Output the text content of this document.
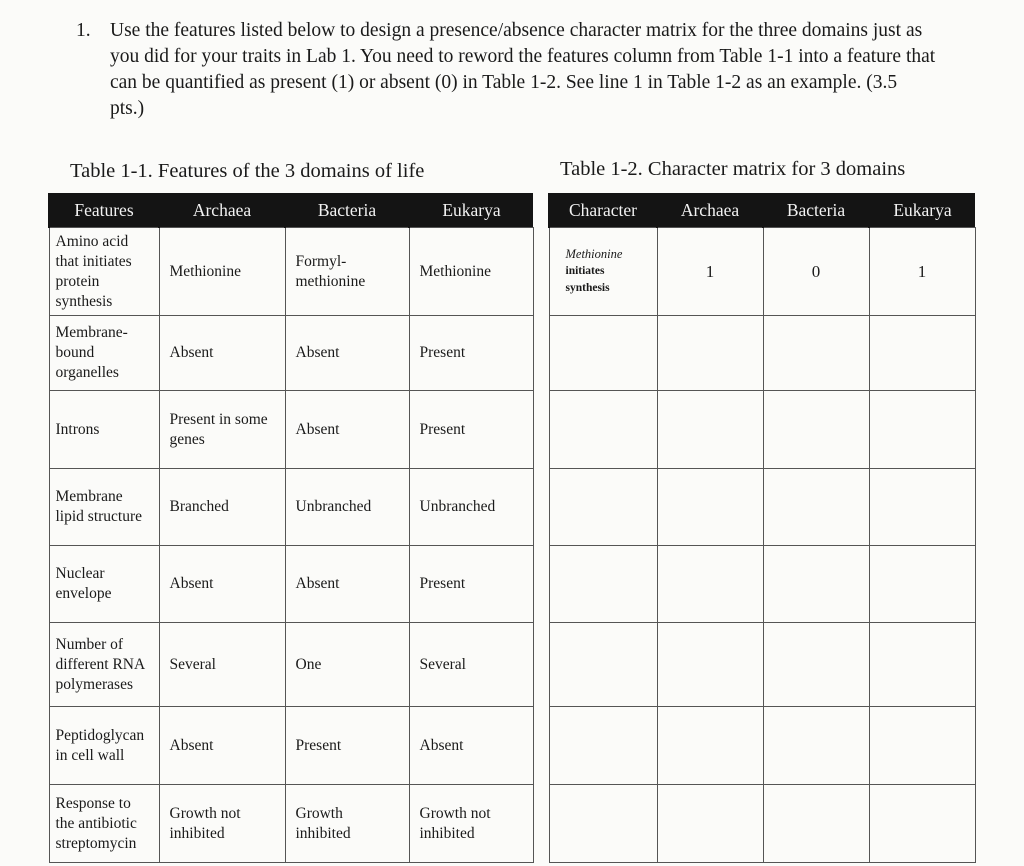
1. Use the features listed below to design a presence/absence character matrix for the three domains just as you did for your traits in Lab 1. You need to reword the features column from Table 1-1 into a feature that can be quantified as present (1) or absent (0) in Table 1-2. See line 1 in Table 1-2 as an example. (3.5 pts.)
Table 1-1. Features of the 3 domains of life	Table 1-2. Character matrix for 3 domains
Features	Archaea	Bacteria	Eukarya
Amino acid that initiates protein synthesis	Methionine	Formyl-methionine	Methionine
Membrane-bound organelles	Absent	Absent	Present
Introns	Present in some genes	Absent	Present
Membrane lipid structure	Branched	Unbranched	Unbranched
Nuclear envelope	Absent	Absent	Present
Number of different RNA polymerases	Several	One	Several
Peptidoglycan in cell wall	Absent	Present	Absent
Response to the antibiotic streptomycin	Growth not inhibited	Growth inhibited	Growth not inhibited
Character	Archaea	Bacteria	Eukarya

Methionine
initiates
synthesis
	1	0	1
